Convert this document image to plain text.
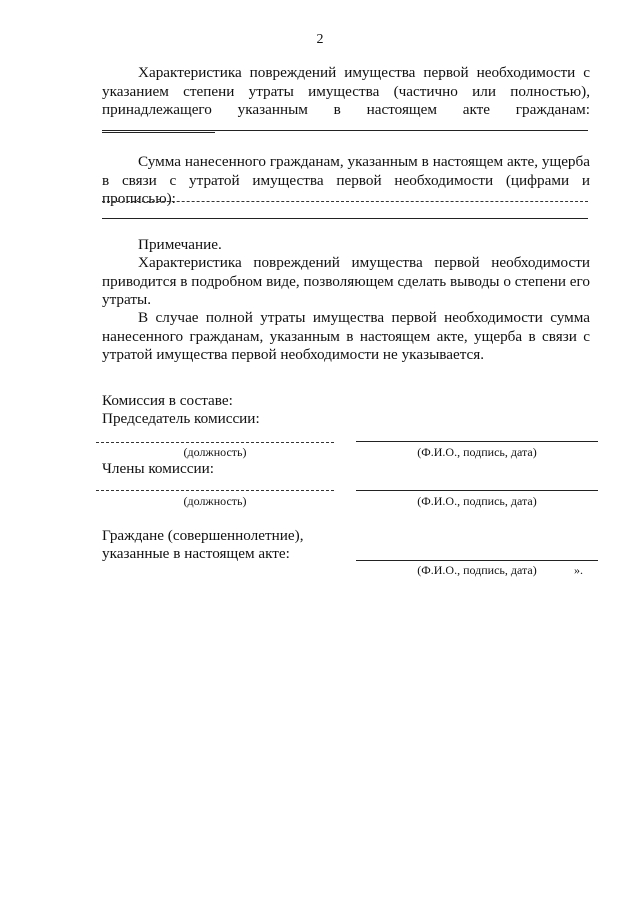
2
Характеристика повреждений имущества первой необходимости с указанием степени утраты имущества (частично или полностью), принадлежащего указанным в настоящем акте гражданам:
Сумма нанесенного гражданам, указанным в настоящем акте, ущерба в связи с утратой имущества первой необходимости (цифрами и прописью):
Примечание.
Характеристика повреждений имущества первой необходимости приводится в подробном виде, позволяющем сделать выводы о степени его утраты.
В случае полной утраты имущества первой необходимости сумма нанесенного гражданам, указанным в настоящем акте, ущерба в связи с утратой имущества первой необходимости не указывается.
Комиссия в составе:
Председатель комиссии:
(должность)	(Ф.И.О., подпись, дата)
Члены комиссии:
(должность)	(Ф.И.О., подпись, дата)
Граждане (совершеннолетние),
указанные в настоящем акте:
(Ф.И.О., подпись, дата)	».
